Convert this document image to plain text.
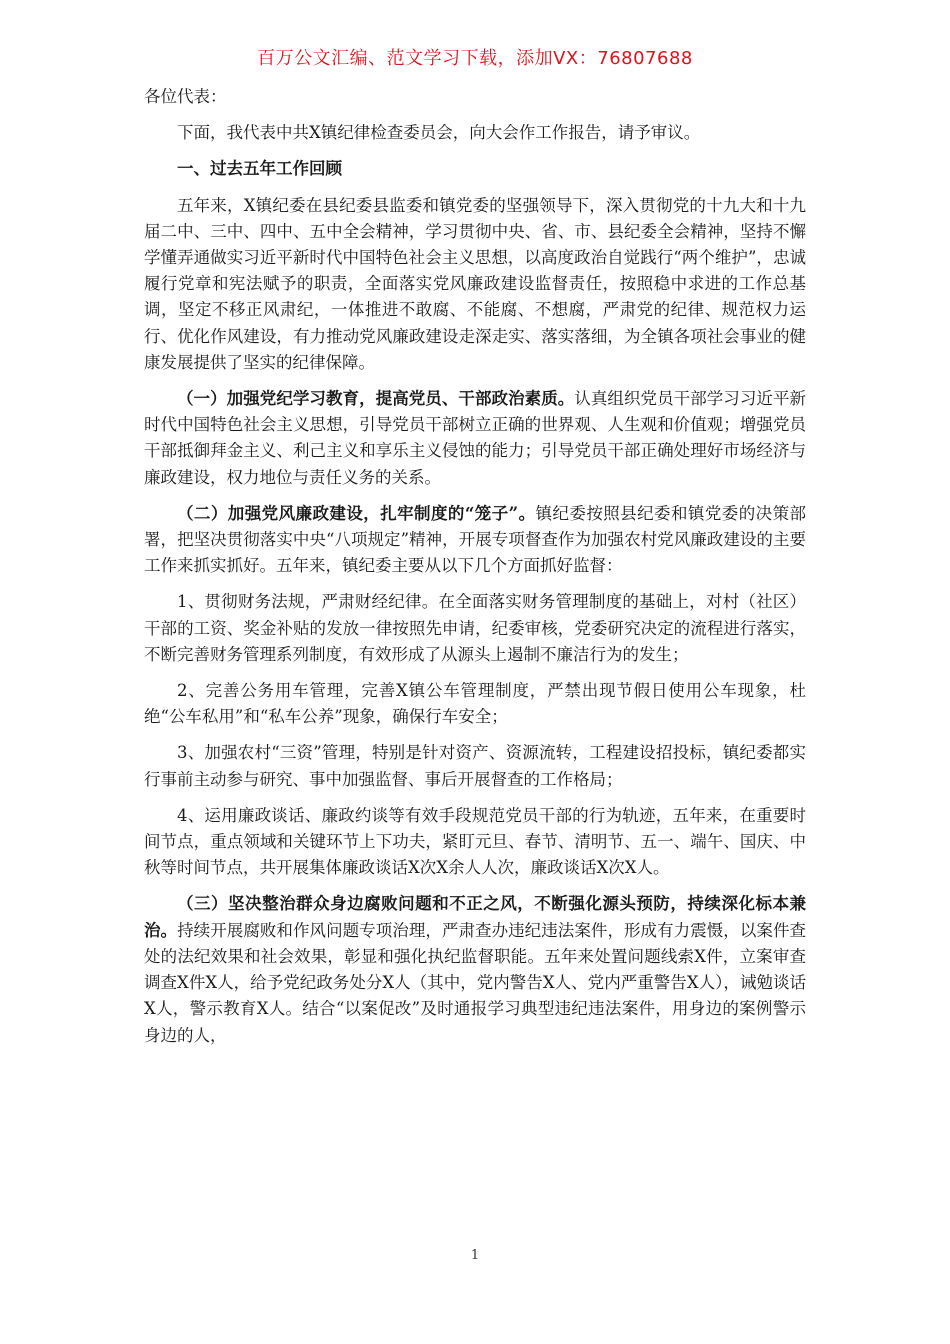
百万公文汇编、范文学习下载，添加VX：76807688

各位代表：

下面，我代表中共X镇纪律检查委员会，向大会作工作报告，请予审议。

一、过去五年工作回顾

五年来，X镇纪委在县纪委县监委和镇党委的坚强领导下，深入贯彻党的十九大和十九届二中、三中、四中、五中全会精神，学习贯彻中央、省、市、县纪委全会精神，坚持不懈学懂弄通做实习近平新时代中国特色社会主义思想，以高度政治自觉践行“两个维护”，忠诚履行党章和宪法赋予的职责，全面落实党风廉政建设监督责任，按照稳中求进的工作总基调，坚定不移正风肃纪，一体推进不敢腐、不能腐、不想腐，严肃党的纪律、规范权力运行、优化作风建设，有力推动党风廉政建设走深走实、落实落细，为全镇各项社会事业的健康发展提供了坚实的纪律保障。

（一）加强党纪学习教育，提高党员、干部政治素质。认真组织党员干部学习习近平新时代中国特色社会主义思想，引导党员干部树立正确的世界观、人生观和价值观；增强党员干部抵御拜金主义、利己主义和享乐主义侵蚀的能力；引导党员干部正确处理好市场经济与廉政建设，权力地位与责任义务的关系。

（二）加强党风廉政建设，扎牢制度的“笼子”。镇纪委按照县纪委和镇党委的决策部署，把坚决贯彻落实中央“八项规定”精神，开展专项督查作为加强农村党风廉政建设的主要工作来抓实抓好。五年来，镇纪委主要从以下几个方面抓好监督：

1、贯彻财务法规，严肃财经纪律。在全面落实财务管理制度的基础上，对村（社区）干部的工资、奖金补贴的发放一律按照先申请，纪委审核，党委研究决定的流程进行落实，不断完善财务管理系列制度，有效形成了从源头上遏制不廉洁行为的发生；

2、完善公务用车管理，完善X镇公车管理制度，严禁出现节假日使用公车现象，杜绝“公车私用”和“私车公养”现象，确保行车安全；

3、加强农村“三资”管理，特别是针对资产、资源流转，工程建设招投标，镇纪委都实行事前主动参与研究、事中加强监督、事后开展督查的工作格局；

4、运用廉政谈话、廉政约谈等有效手段规范党员干部的行为轨迹，五年来，在重要时间节点，重点领域和关键环节上下功夫，紧盯元旦、春节、清明节、五一、端午、国庆、中秋等时间节点，共开展集体廉政谈话X次X余人人次，廉政谈话X次X人。

（三）坚决整治群众身边腐败问题和不正之风，不断强化源头预防，持续深化标本兼治。持续开展腐败和作风问题专项治理，严肃查办违纪违法案件，形成有力震慑，以案件查处的法纪效果和社会效果，彰显和强化执纪监督职能。五年来处置问题线索X件，立案审查调查X件X人，给予党纪政务处分X人（其中，党内警告X人、党内严重警告X人），诫勉谈话X人，警示教育X人。结合“以案促改”及时通报学习典型违纪违法案件，用身边的案例警示身边的人，

1
